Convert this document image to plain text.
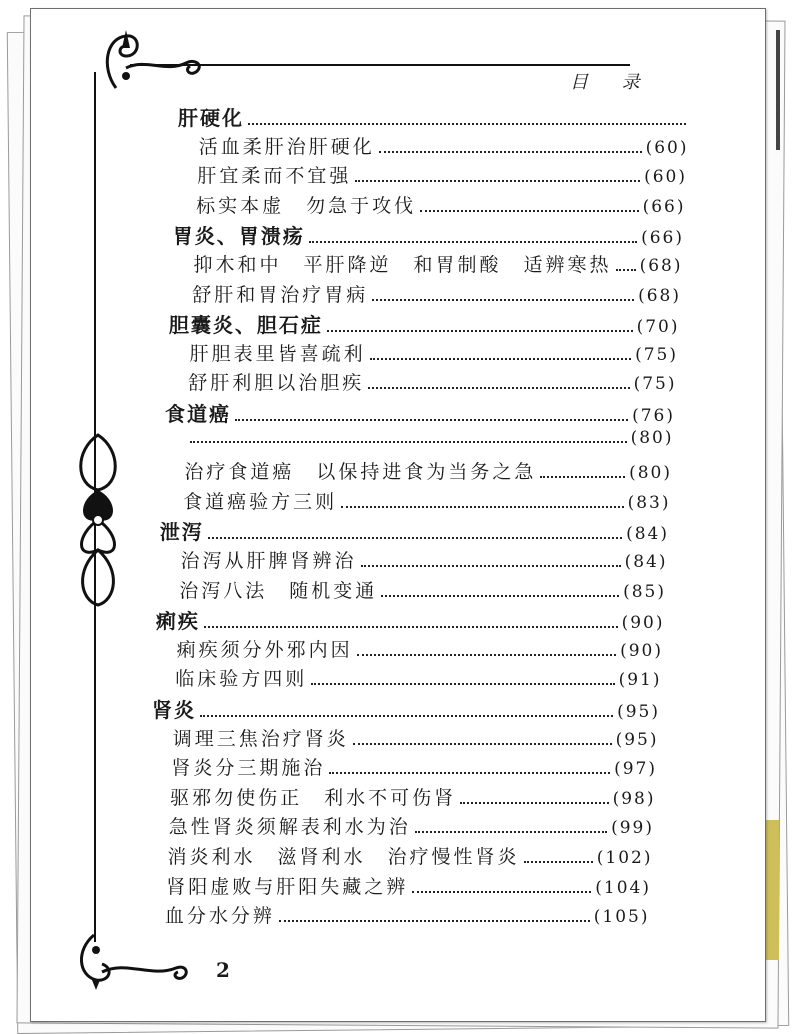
目 录
2
肝硬化
活血柔肝治肝硬化	(60)
肝宜柔而不宜强	(60)
标实本虚　勿急于攻伐	(66)
胃炎、胃溃疡	(66)
抑木和中　平肝降逆　和胃制酸　适辨寒热 (68)
舒肝和胃治疗胃病	(68)
胆囊炎、胆石症	(70)
肝胆表里皆喜疏利	(75)
舒肝利胆以治胆疾	(75)
食道癌	(76)
(80)
治疗食道癌　以保持进食为当务之急	(80)
食道癌验方三则	(83)
泄泻	(84)
治泻从肝脾肾辨治	(84)
治泻八法　随机变通	(85)
痢疾	(90)
痢疾须分外邪内因	(90)
临床验方四则	(91)
肾炎	(95)
调理三焦治疗肾炎	(95)
肾炎分三期施治	(97)
驱邪勿使伤正　利水不可伤肾	(98)
急性肾炎须解表利水为治	(99)
消炎利水　滋肾利水　治疗慢性肾炎	(102)
肾阳虚败与肝阳失藏之辨	(104)
血分水分辨	(105)
